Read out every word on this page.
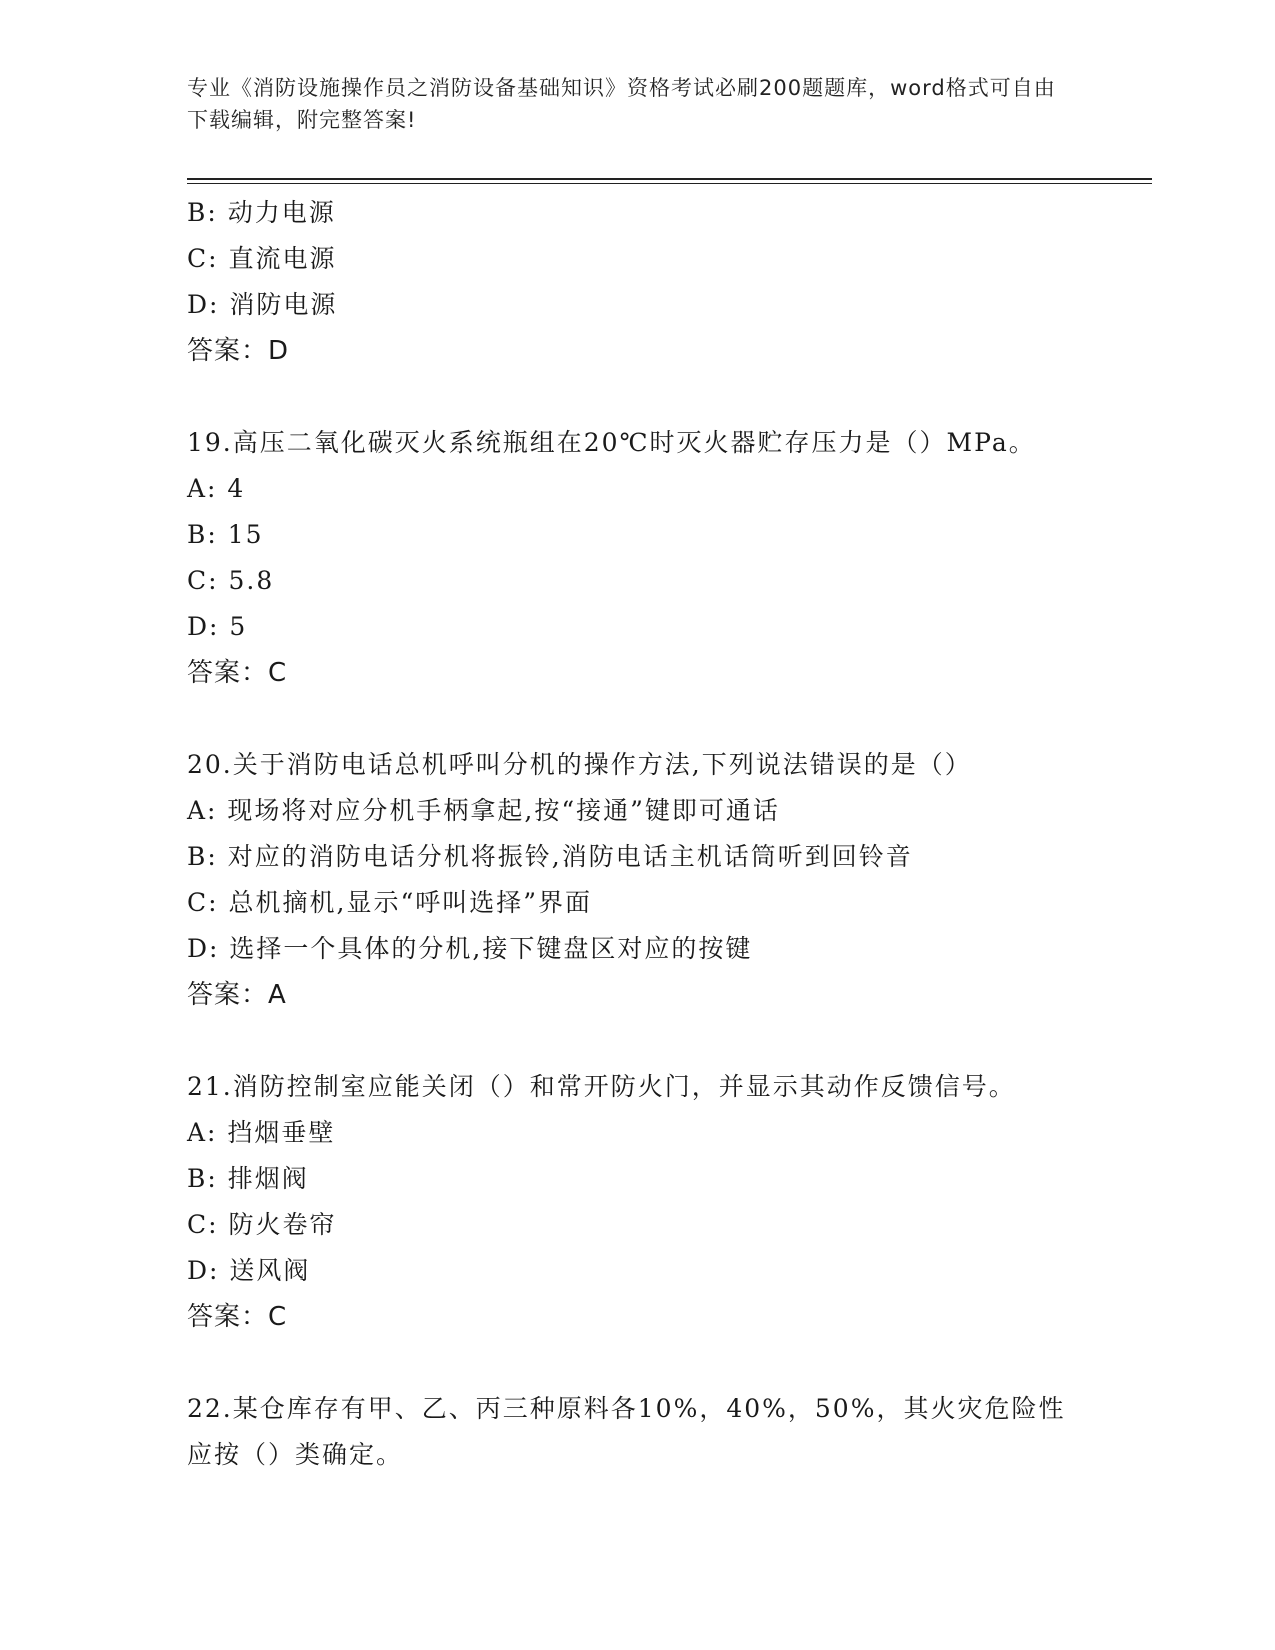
专业《消防设施操作员之消防设备基础知识》资格考试必刷200题题库，word格式可自由下载编辑，附完整答案!
B: 动力电源
C: 直流电源
D: 消防电源
答案：D
19.高压二氧化碳灭火系统瓶组在20℃时灭火器贮存压力是（）MPa。
A: 4
B: 15
C: 5.8
D: 5
答案：C
20.关于消防电话总机呼叫分机的操作方法,下列说法错误的是（）
A: 现场将对应分机手柄拿起,按“接通”键即可通话
B: 对应的消防电话分机将振铃,消防电话主机话筒听到回铃音
C: 总机摘机,显示“呼叫选择”界面
D: 选择一个具体的分机,接下键盘区对应的按键
答案：A
21.消防控制室应能关闭（）和常开防火门，并显示其动作反馈信号。
A: 挡烟垂壁
B: 排烟阀
C: 防火卷帘
D: 送风阀
答案：C
22.某仓库存有甲、乙、丙三种原料各10%，40%，50%，其火灾危险性
应按（）类确定。
